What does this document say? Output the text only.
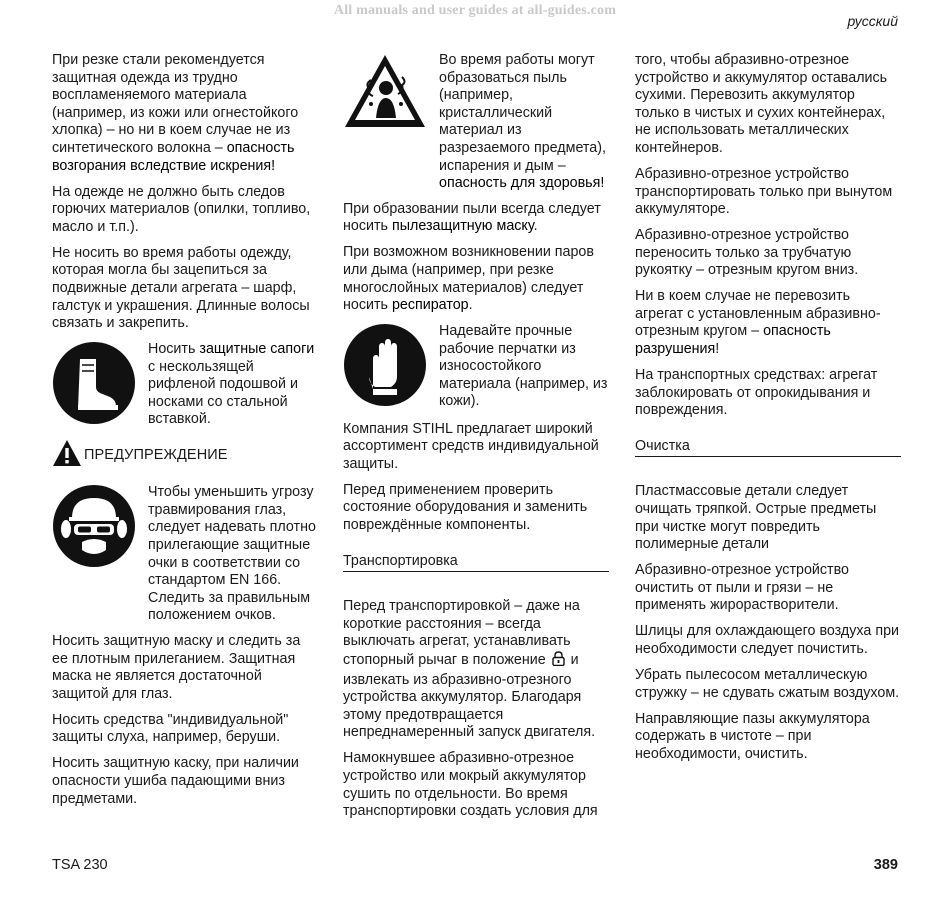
All manuals and user guides at all-guides.com
русский

При резке стали рекомендуется защитная одежда из трудно воспламеняемого материала (например, из кожи или огнестойкого хлопка) – но ни в коем случае не из синтетического волокна – опасность возгорания вследствие искрения!

На одежде не должно быть следов горючих материалов (опилки, топливо, масло и т.п.).

Не носить во время работы одежду, которая могла бы зацепиться за подвижные детали агрегата – шарф, галстук и украшения. Длинные волосы связать и закрепить.

Носить защитные сапоги с нескользящей рифленой подошвой и носками со стальной вставкой.
ПРЕДУПРЕЖДЕНИЕ
Чтобы уменьшить угрозу травмирования глаз, следует надевать плотно прилегающие защитные очки в соответствии со стандартом EN 166. Следить за правильным положением очков.

Носить защитную маску и следить за ее плотным прилеганием. Защитная маска не является достаточной защитой для глаз.

Носить средства "индивидуальной" защиты слуха, например, беруши.

Носить защитную каску, при наличии опасности ушиба падающими вниз предметами.

Во время работы могут образоваться пыль (например, кристаллический материал из разрезаемого предмета), испарения и дым – опасность для здоровья!

При образовании пыли всегда следует носить пылезащитную маску.

При возможном возникновении паров или дыма (например, при резке многослойных материалов) следует носить респиратор.

Надевайте прочные рабочие перчатки из износостойкого материала (например, из кожи).

Компания STIHL предлагает широкий ассортимент средств индивидуальной защиты.

Перед применением проверить состояние оборудования и заменить повреждённые компоненты.

Транспортировка

Перед транспортировкой – даже на короткие расстояния – всегда выключать агрегат, устанавливать стопорный рычаг в положение  и извлекать из абразивно-отрезного устройства аккумулятор. Благодаря этому предотвращается непреднамеренный запуск двигателя.

Намокнувшее абразивно-отрезное устройство или мокрый аккумулятор сушить по отдельности. Во время транспортировки создать условия для

того, чтобы абразивно-отрезное устройство и аккумулятор оставались сухими. Перевозить аккумулятор только в чистых и сухих контейнерах, не использовать металлических контейнеров.

Абразивно-отрезное устройство транспортировать только при вынутом аккумуляторе.

Абразивно-отрезное устройство переносить только за трубчатую рукоятку – отрезным кругом вниз.

Ни в коем случае не перевозить агрегат с установленным абразивно-отрезным кругом – опасность разрушения!

На транспортных средствах: агрегат заблокировать от опрокидывания и повреждения.

Очистка

Пластмассовые детали следует очищать тряпкой. Острые предметы при чистке могут повредить полимерные детали

Абразивно-отрезное устройство очистить от пыли и грязи – не применять жирорастворители.

Шлицы для охлаждающего воздуха при необходимости следует почистить.

Убрать пылесосом металлическую стружку – не сдувать сжатым воздухом.

Направляющие пазы аккумулятора содержать в чистоте – при необходимости, очистить.

TSA 230	389
